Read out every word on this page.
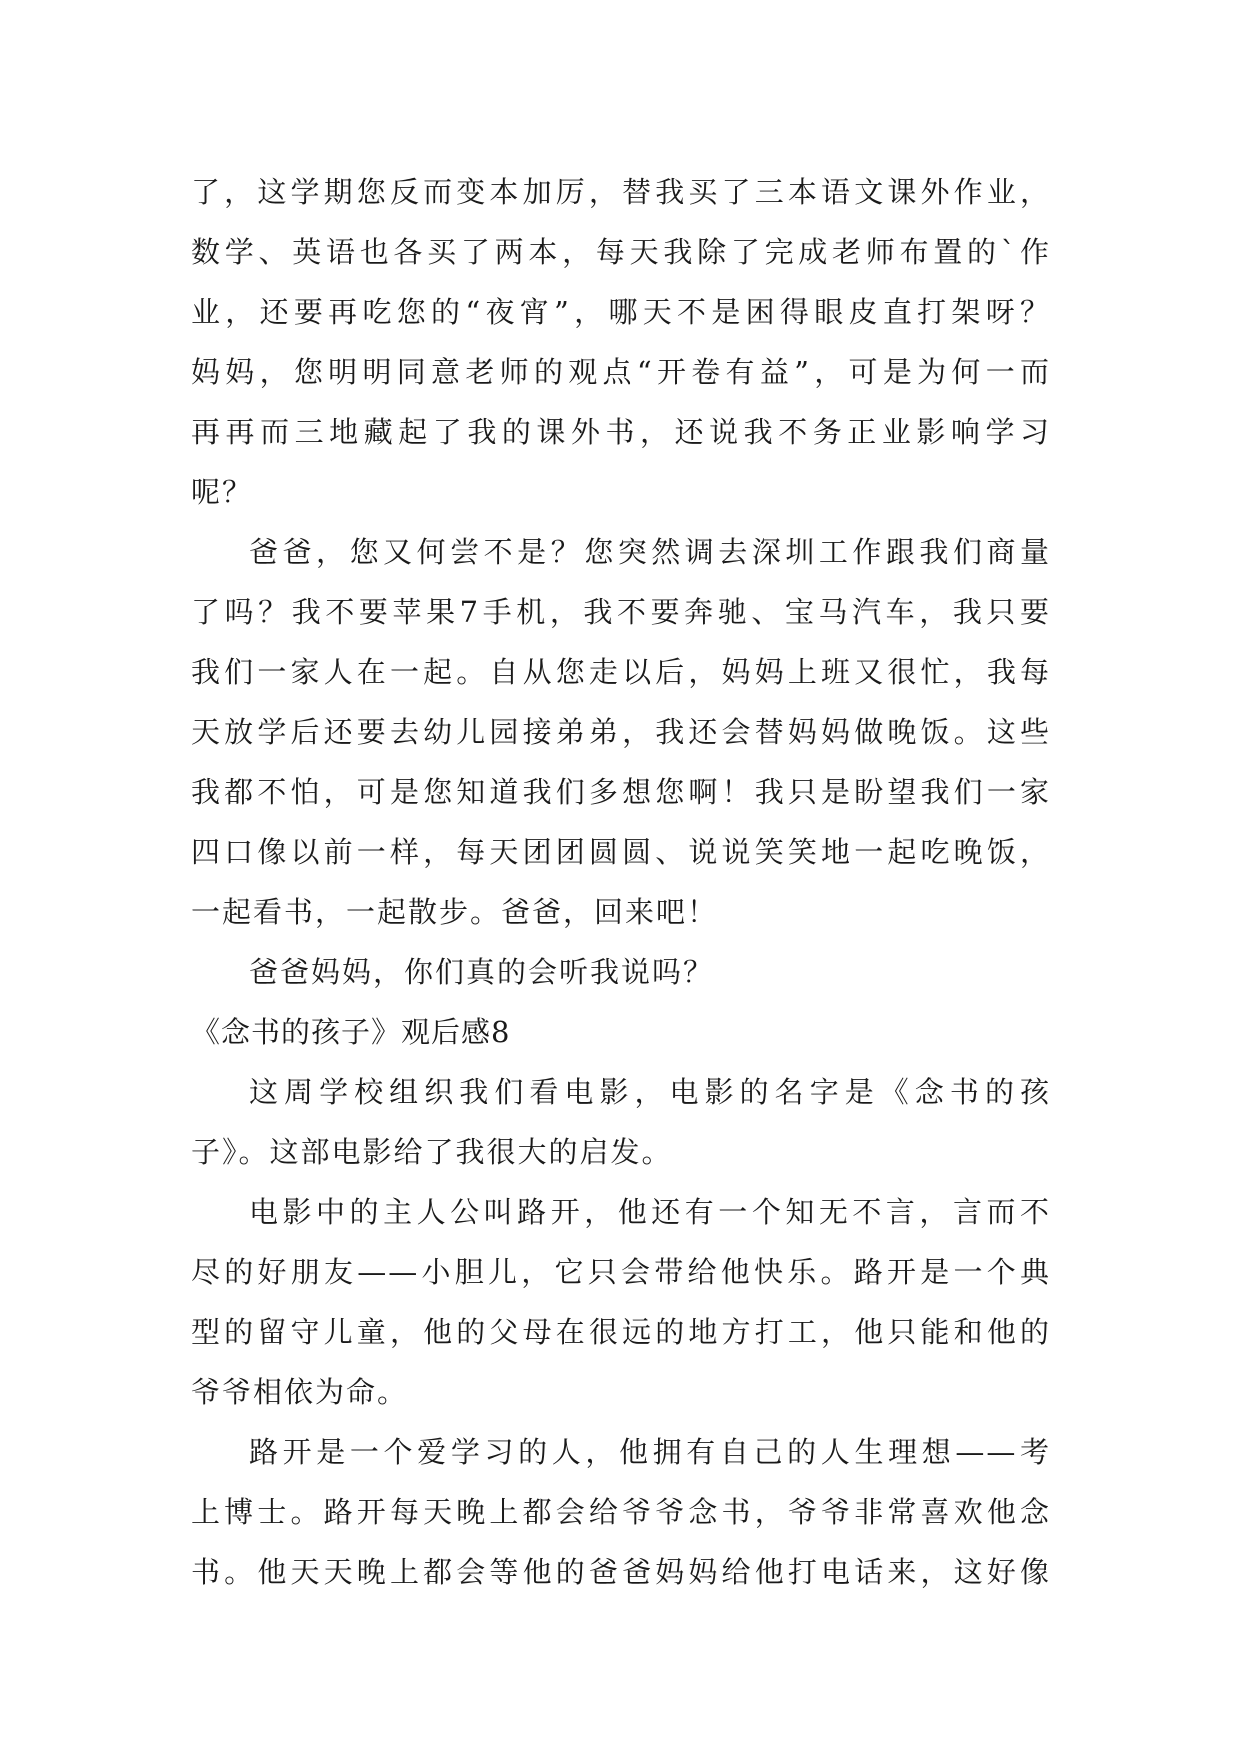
了，这学期您反而变本加厉，替我买了三本语文课外作业，
数学、英语也各买了两本，每天我除了完成老师布置的`作
业，还要再吃您的“夜宵”，哪天不是困得眼皮直打架呀？
妈妈，您明明同意老师的观点“开卷有益”，可是为何一而
再再而三地藏起了我的课外书，还说我不务正业影响学习
呢？
爸爸，您又何尝不是？您突然调去深圳工作跟我们商量
了吗？我不要苹果7手机，我不要奔驰、宝马汽车，我只要
我们一家人在一起。自从您走以后，妈妈上班又很忙，我每
天放学后还要去幼儿园接弟弟，我还会替妈妈做晚饭。这些
我都不怕，可是您知道我们多想您啊！我只是盼望我们一家
四口像以前一样，每天团团圆圆、说说笑笑地一起吃晚饭，
一起看书，一起散步。爸爸，回来吧！
爸爸妈妈，你们真的会听我说吗？
《念书的孩子》观后感8
这周学校组织我们看电影，电影的名字是《念书的孩
子》。这部电影给了我很大的启发。
电影中的主人公叫路开，他还有一个知无不言，言而不
尽的好朋友——小胆儿，它只会带给他快乐。路开是一个典
型的留守儿童，他的父母在很远的地方打工，他只能和他的
爷爷相依为命。
路开是一个爱学习的人，他拥有自己的人生理想——考
上博士。路开每天晚上都会给爷爷念书，爷爷非常喜欢他念
书。他天天晚上都会等他的爸爸妈妈给他打电话来，这好像
